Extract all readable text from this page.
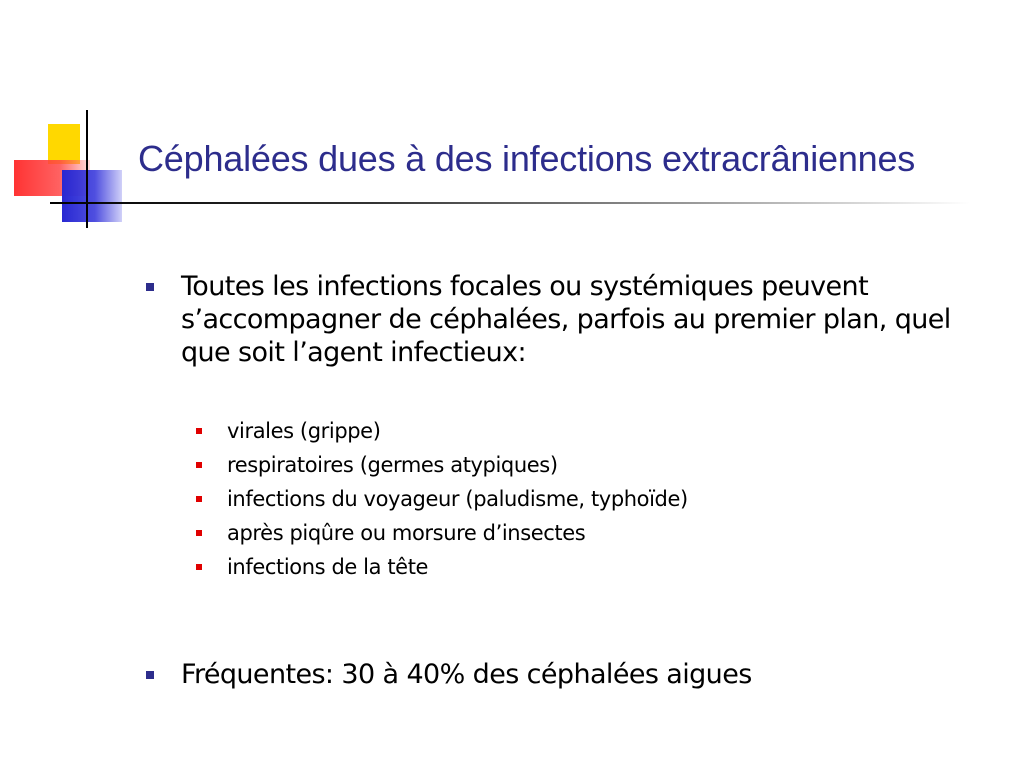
Céphalées dues à des infections extracrâniennes
Toutes les infections focales ou systémiques peuvent s’accompagner de céphalées, parfois au premier plan, quel que soit l’agent infectieux:
virales (grippe)
respiratoires (germes atypiques)
infections du voyageur (paludisme, typhoïde)
après piqûre ou morsure d’insectes
infections de la tête
Fréquentes: 30 à 40% des céphalées aigues
